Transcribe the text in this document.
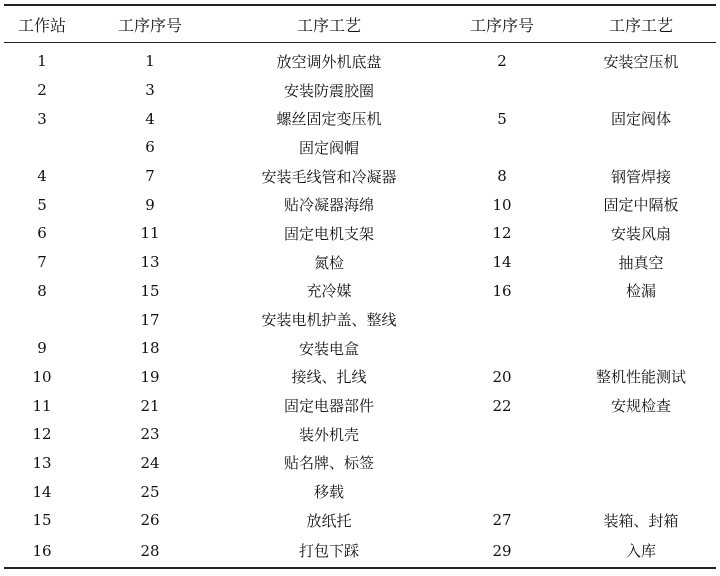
工作站	工序序号	工序工艺	工序序号	工序工艺
1	1	放空调外机底盘	2	安装空压机
2	3	安装防震胶圈		
3	4	螺丝固定变压机	5	固定阀体
	6	固定阀帽		
4	7	安装毛线管和冷凝器	8	钢管焊接
5	9	贴冷凝器海绵	10	固定中隔板
6	11	固定电机支架	12	安装风扇
7	13	氮检	14	抽真空
8	15	充冷媒	16	检漏
	17	安装电机护盖、整线		
9	18	安装电盒		
10	19	接线、扎线	20	整机性能测试
11	21	固定电器部件	22	安规检查
12	23	装外机壳		
13	24	贴名牌、标签		
14	25	移载		
15	26	放纸托	27	装箱、封箱
16	28	打包下踩	29	入库
